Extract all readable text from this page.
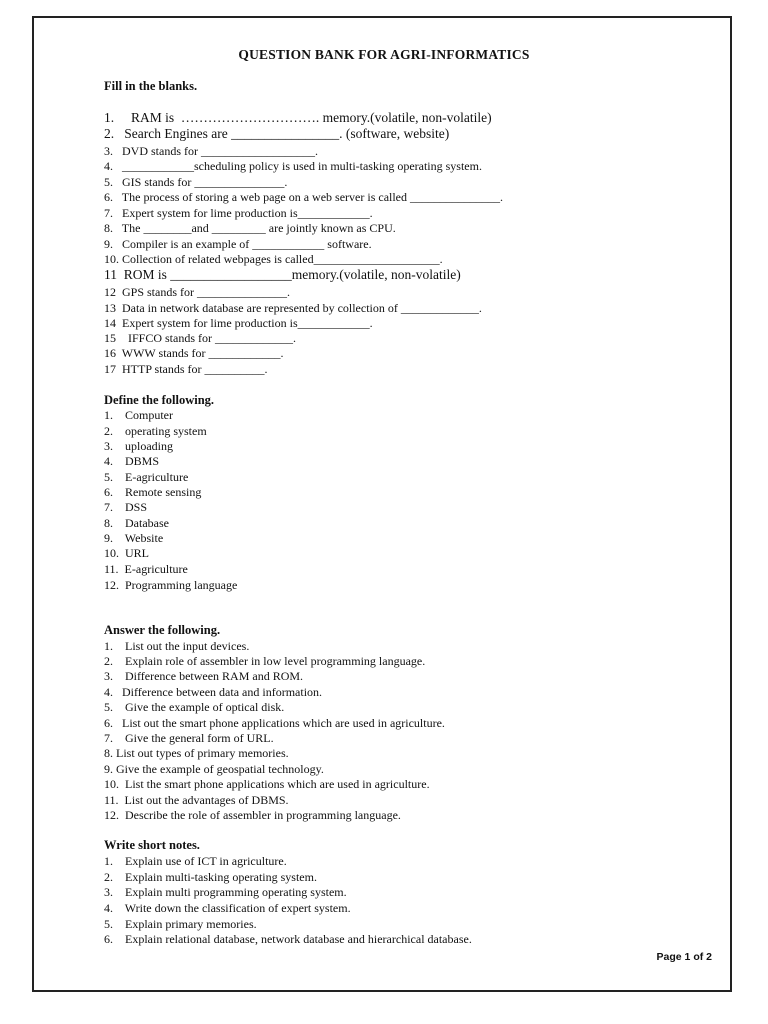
QUESTION BANK FOR AGRI-INFORMATICS
Fill in the blanks.
1.     RAM is  …………………………. memory.(volatile, non-volatile)
2.   Search Engines are ________________. (software, website)
3.   DVD stands for ___________________.
4.   ____________scheduling policy is used in multi-tasking operating system.
5.   GIS stands for _______________.
6.   The process of storing a web page on a web server is called _______________.
7.   Expert system for lime production is____________.
8.   The ________and _________ are jointly known as CPU.
9.   Compiler is an example of ____________ software.
10. Collection of related webpages is called_____________________.
11  ROM is __________________memory.(volatile, non-volatile)
12  GPS stands for _______________.
13  Data in network database are represented by collection of _____________.
14  Expert system for lime production is____________.
15    IFFCO stands for _____________.
16  WWW stands for ____________.
17  HTTP stands for __________.
Define the following.
1.    Computer
2.    operating system
3.    uploading
4.    DBMS
5.    E-agriculture
6.    Remote sensing
7.    DSS
8.    Database
9.    Website
10.  URL
11.  E-agriculture
12.  Programming language
Answer the following.
1.    List out the input devices.
2.    Explain role of assembler in low level programming language.
3.    Difference between RAM and ROM.
4.   Difference between data and information.
5.    Give the example of optical disk.
6.   List out the smart phone applications which are used in agriculture.
7.    Give the general form of URL.
8. List out types of primary memories.
9. Give the example of geospatial technology.
10.  List the smart phone applications which are used in agriculture.
11.  List out the advantages of DBMS.
12.  Describe the role of assembler in programming language.
Write short notes.
1.    Explain use of ICT in agriculture.
2.    Explain multi-tasking operating system.
3.    Explain multi programming operating system.
4.    Write down the classification of expert system.
5.    Explain primary memories.
6.    Explain relational database, network database and hierarchical database.
Page 1 of 2
